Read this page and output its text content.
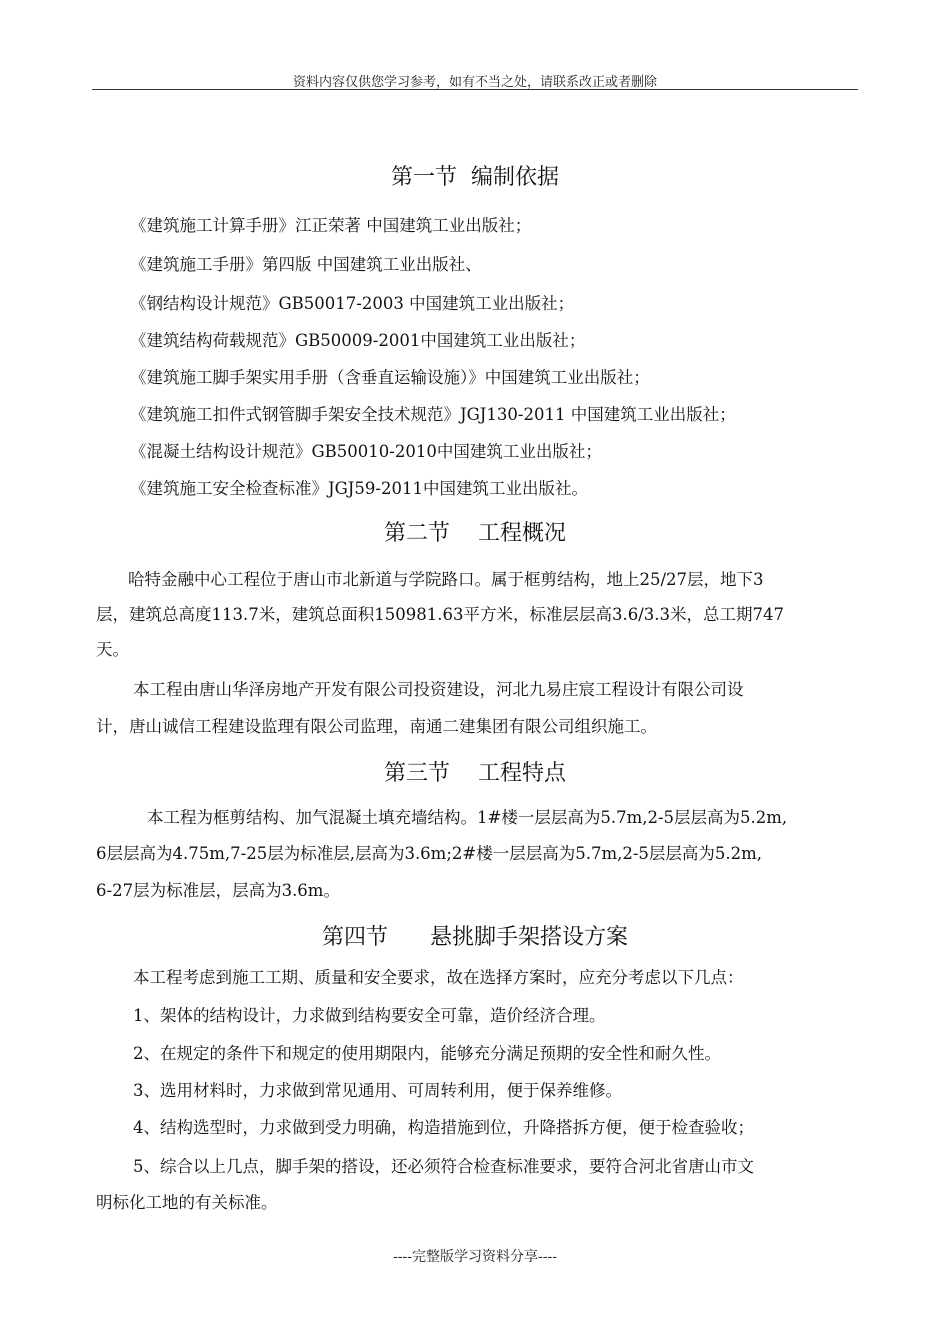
资料内容仅供您学习参考，如有不当之处，请联系改正或者删除
第一节  编制依据
《建筑施工计算手册》江正荣著 中国建筑工业出版社；
《建筑施工手册》第四版 中国建筑工业出版社、
《钢结构设计规范》GB50017-2003 中国建筑工业出版社；
《建筑结构荷载规范》GB50009-2001中国建筑工业出版社；
《建筑施工脚手架实用手册（含垂直运输设施）》中国建筑工业出版社；
《建筑施工扣件式钢管脚手架安全技术规范》JGJ130-2011 中国建筑工业出版社；
《混凝土结构设计规范》GB50010-2010中国建筑工业出版社；
《建筑施工安全检查标准》JGJ59-2011中国建筑工业出版社。
第二节    工程概况
哈特金融中心工程位于唐山市北新道与学院路口。属于框剪结构，地上25/27层，地下3
层，建筑总高度113.7米，建筑总面积150981.63平方米，标准层层高3.6/3.3米，总工期747
天。
本工程由唐山华泽房地产开发有限公司投资建设，河北九易庄宸工程设计有限公司设
计，唐山诚信工程建设监理有限公司监理，南通二建集团有限公司组织施工。
第三节    工程特点
本工程为框剪结构、加气混凝土填充墙结构。1#楼一层层高为5.7m,2-5层层高为5.2m,
6层层高为4.75m,7-25层为标准层,层高为3.6m;2#楼一层层高为5.7m,2-5层层高为5.2m,
6-27层为标准层，层高为3.6m。
第四节      悬挑脚手架搭设方案
本工程考虑到施工工期、质量和安全要求，故在选择方案时，应充分考虑以下几点：
1、架体的结构设计，力求做到结构要安全可靠，造价经济合理。
2、在规定的条件下和规定的使用期限内，能够充分满足预期的安全性和耐久性。
3、选用材料时，力求做到常见通用、可周转利用，便于保养维修。
4、结构选型时，力求做到受力明确，构造措施到位，升降搭拆方便，便于检查验收；
5、综合以上几点，脚手架的搭设，还必须符合检查标准要求，要符合河北省唐山市文
明标化工地的有关标准。
----完整版学习资料分享----
